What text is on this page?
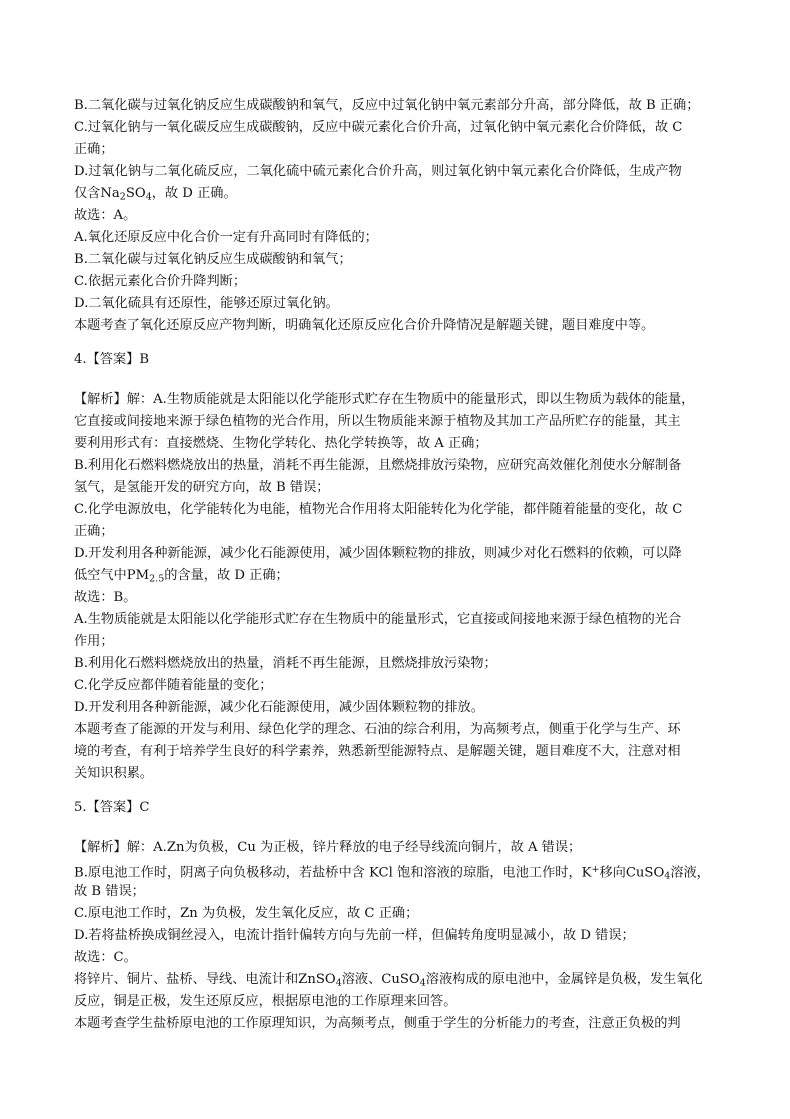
B.二氧化碳与过氧化钠反应生成碳酸钠和氧气，反应中过氧化钠中氧元素部分升高，部分降低，故 B 正确；
C.过氧化钠与一氧化碳反应生成碳酸钠，反应中碳元素化合价升高，过氧化钠中氧元素化合价降低，故 C
正确；
D.过氧化钠与二氧化硫反应，二氧化硫中硫元素化合价升高，则过氧化钠中氧元素化合价降低，生成产物
仅含$Na_2SO_4$，故 D 正确。
故选：A。
A.氧化还原反应中化合价一定有升高同时有降低的；
B.二氧化碳与过氧化钠反应生成碳酸钠和氧气；
C.依据元素化合价升降判断；
D.二氧化硫具有还原性，能够还原过氧化钠。
本题考查了氧化还原反应产物判断，明确氧化还原反应化合价升降情况是解题关键，题目难度中等。
4.【答案】B
【解析】解：A.生物质能就是太阳能以化学能形式贮存在生物质中的能量形式，即以生物质为载体的能量，
它直接或间接地来源于绿色植物的光合作用，所以生物质能来源于植物及其加工产品所贮存的能量，其主
要利用形式有：直接燃烧、生物化学转化、热化学转换等，故 A 正确；
B.利用化石燃料燃烧放出的热量，消耗不再生能源，且燃烧排放污染物，应研究高效催化剂使水分解制备
氢气，是氢能开发的研究方向，故 B 错误；
C.化学电源放电，化学能转化为电能，植物光合作用将太阳能转化为化学能，都伴随着能量的变化，故 C
正确；
D.开发利用各种新能源，减少化石能源使用，减少固体颗粒物的排放，则减少对化石燃料的依赖，可以降
低空气中$PM_{2.5}$的含量，故 D 正确；
故选：B。
A.生物质能就是太阳能以化学能形式贮存在生物质中的能量形式，它直接或间接地来源于绿色植物的光合
作用；
B.利用化石燃料燃烧放出的热量，消耗不再生能源，且燃烧排放污染物；
C.化学反应都伴随着能量的变化；
D.开发利用各种新能源，减少化石能源使用，减少固体颗粒物的排放。
本题考查了能源的开发与利用、绿色化学的理念、石油的综合利用，为高频考点，侧重于化学与生产、环
境的考查，有利于培养学生良好的科学素养，熟悉新型能源特点、是解题关键，题目难度不大，注意对相
关知识积累。
5.【答案】C
【解析】解：A.Zn为负极，Cu 为正极，锌片释放的电子经导线流向铜片，故 A 错误；
B.原电池工作时，阴离子向负极移动，若盐桥中含 KCl 饱和溶液的琼脂，电池工作时，K+移向CuSO$_4$溶液，
故 B 错误；
C.原电池工作时，Zn 为负极，发生氧化反应，故 C 正确；
D.若将盐桥换成铜丝浸入，电流计指针偏转方向与先前一样，但偏转角度明显减小，故 D 错误；
故选：C。
将锌片、铜片、盐桥、导线、电流计和ZnSO$_4$溶液、CuSO$_4$溶液构成的原电池中，金属锌是负极，发生氧化
反应，铜是正极，发生还原反应，根据原电池的工作原理来回答。
本题考查学生盐桥原电池的工作原理知识，为高频考点，侧重于学生的分析能力的考查，注意正负极的判
